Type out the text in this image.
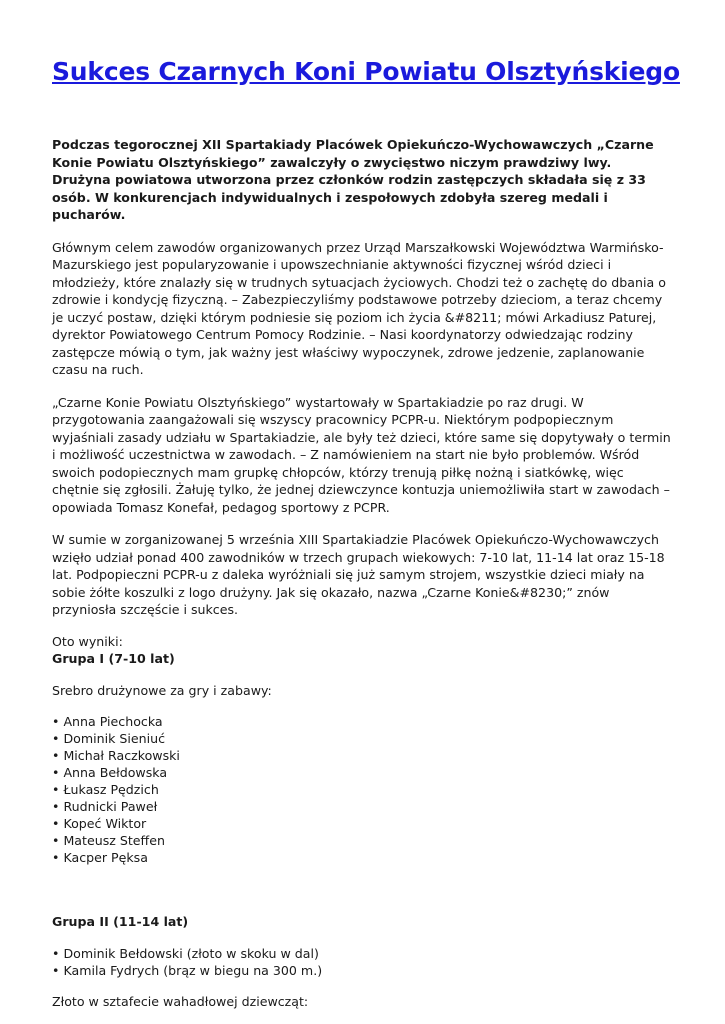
Sukces Czarnych Koni Powiatu Olsztyńskiego

Podczas tegorocznej XII Spartakiady Placówek Opiekuńczo-Wychowawczych „Czarne Konie Powiatu Olsztyńskiego” zawalczyły o zwycięstwo niczym prawdziwy lwy. Drużyna powiatowa utworzona przez członków rodzin zastępczych składała się z 33 osób. W konkurencjach indywidualnych i zespołowych zdobyła szereg medali i pucharów.

Głównym celem zawodów organizowanych przez Urząd Marszałkowski Województwa Warmińsko-Mazurskiego jest popularyzowanie i upowszechnianie aktywności fizycznej wśród dzieci i młodzieży, które znalazły się w trudnych sytuacjach życiowych. Chodzi też o zachętę do dbania o zdrowie i kondycję fizyczną. – Zabezpieczyliśmy podstawowe potrzeby dzieciom, a teraz chcemy je uczyć postaw, dzięki którym podniesie się poziom ich życia &#8211; mówi Arkadiusz Paturej, dyrektor Powiatowego Centrum Pomocy Rodzinie. – Nasi koordynatorzy odwiedzając rodziny zastępcze mówią o tym, jak ważny jest właściwy wypoczynek, zdrowe jedzenie, zaplanowanie czasu na ruch.

„Czarne Konie Powiatu Olsztyńskiego” wystartowały w Spartakiadzie po raz drugi. W przygotowania zaangażowali się wszyscy pracownicy PCPR-u. Niektórym podpopiecznym wyjaśniali zasady udziału w Spartakiadzie, ale były też dzieci, które same się dopytywały o termin i możliwość uczestnictwa w zawodach. – Z namówieniem na start nie było problemów. Wśród swoich podopiecznych mam grupkę chłopców, którzy trenują piłkę nożną i siatkówkę, więc chętnie się zgłosili. Żałuję tylko, że jednej dziewczynce kontuzja uniemożliwiła start w zawodach – opowiada Tomasz Konefał, pedagog sportowy z PCPR.

W sumie w zorganizowanej 5 września XIII Spartakiadzie Placówek Opiekuńczo-Wychowawczych wzięło udział ponad 400 zawodników w trzech grupach wiekowych: 7-10 lat, 11-14 lat oraz 15-18 lat. Podpopieczni PCPR-u z daleka wyróżniali się już samym strojem, wszystkie dzieci miały na sobie żółte koszulki z logo drużyny. Jak się okazało, nazwa „Czarne Konie&#8230;” znów przyniosła szczęście i sukces.

Oto wyniki:
Grupa I (7-10 lat)

Srebro drużynowe za gry i zabawy:

• Anna Piechocka
• Dominik Sieniuć
• Michał Raczkowski
• Anna Bełdowska
• Łukasz Pędzich
• Rudnicki Paweł
• Kopeć Wiktor
• Mateusz Steffen
• Kacper Pęksa
Grupa II (11-14 lat)
• Dominik Bełdowski (złoto w skoku w dal)
• Kamila Fydrych (brąz w biegu na 300 m.)

Złoto w sztafecie wahadłowej dziewcząt:
